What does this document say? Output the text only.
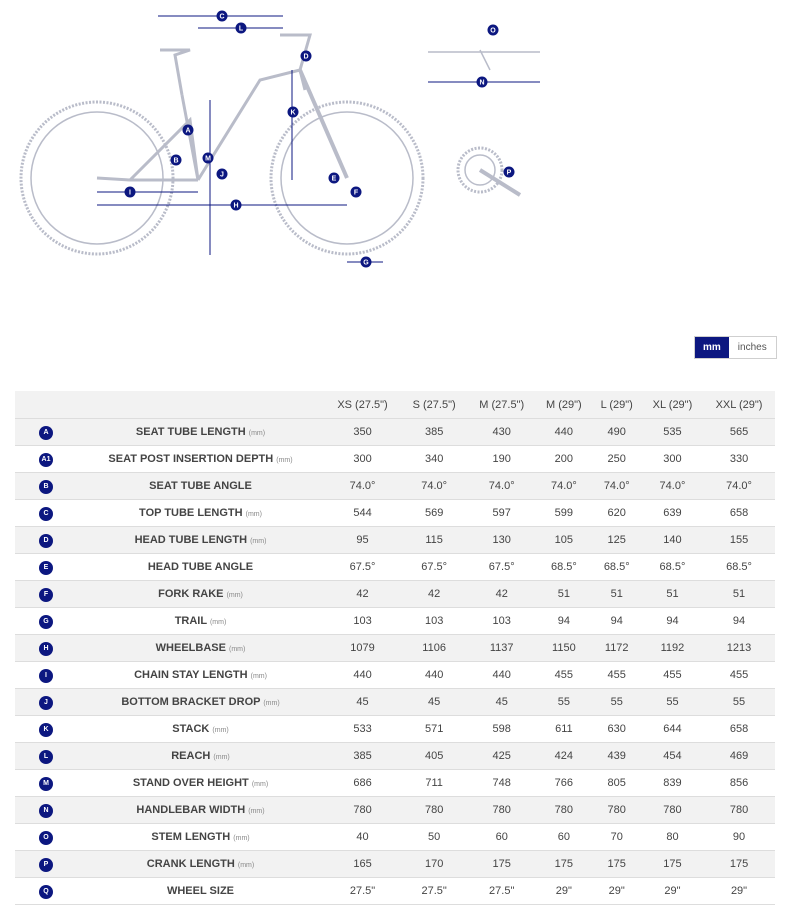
A
B
C
D
E
F
G
H
I
J
K
L
M
N
O
P
mm	inches
		XS (27.5")	S (27.5")	M (27.5")	M (29")	L (29")	XL (29")	XXL (29")
A	SEAT TUBE LENGTH (mm)	350	385	430	440	490	535	565
A1	SEAT POST INSERTION DEPTH (mm)	300	340	190	200	250	300	330
B	SEAT TUBE ANGLE	74.0°	74.0°	74.0°	74.0°	74.0°	74.0°	74.0°
C	TOP TUBE LENGTH (mm)	544	569	597	599	620	639	658
D	HEAD TUBE LENGTH (mm)	95	115	130	105	125	140	155
E	HEAD TUBE ANGLE	67.5°	67.5°	67.5°	68.5°	68.5°	68.5°	68.5°
F	FORK RAKE (mm)	42	42	42	51	51	51	51
G	TRAIL (mm)	103	103	103	94	94	94	94
H	WHEELBASE (mm)	1079	1106	1137	1150	1172	1192	1213
I	CHAIN STAY LENGTH (mm)	440	440	440	455	455	455	455
J	BOTTOM BRACKET DROP (mm)	45	45	45	55	55	55	55
K	STACK (mm)	533	571	598	611	630	644	658
L	REACH (mm)	385	405	425	424	439	454	469
M	STAND OVER HEIGHT (mm)	686	711	748	766	805	839	856
N	HANDLEBAR WIDTH (mm)	780	780	780	780	780	780	780
O	STEM LENGTH (mm)	40	50	60	60	70	80	90
P	CRANK LENGTH (mm)	165	170	175	175	175	175	175
Q	WHEEL SIZE	27.5"	27.5"	27.5"	29"	29"	29"	29"
